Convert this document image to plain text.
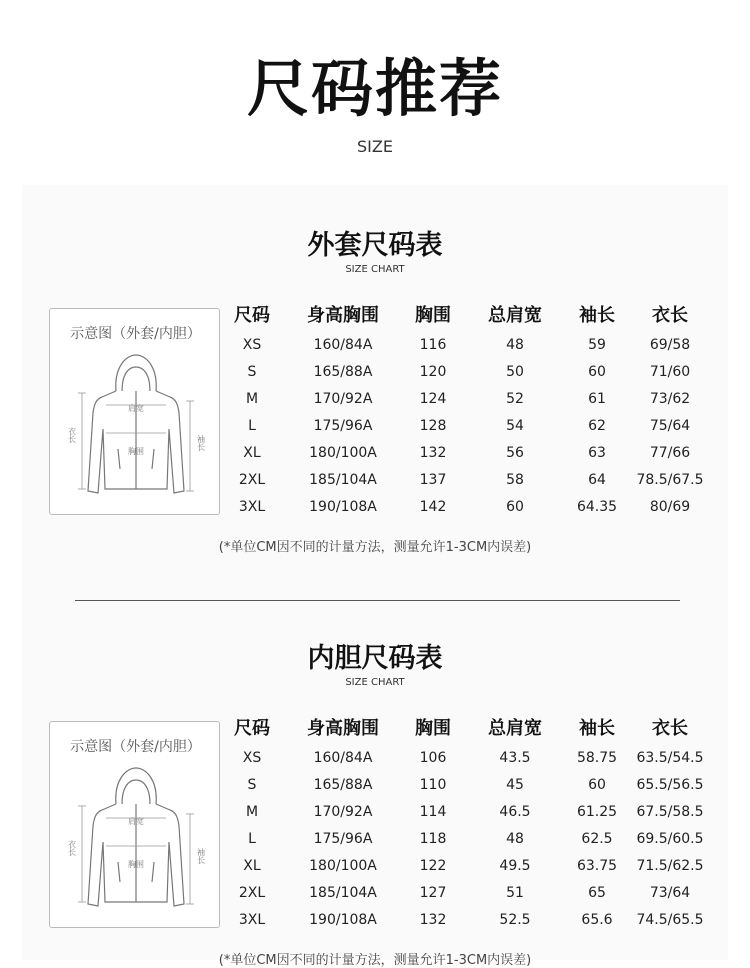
尺码推荐
SIZE
外套尺码表
SIZE CHART
示意图（外套/内胆）
肩宽
胸围
衣长	袖长
尺码 身高胸围 胸围 总肩宽 袖长 衣长
XS	160/84A	116	48	59	69/58
S	165/88A	120	50	60	71/60
M	170/92A	124	52	61	73/62
L	175/96A	128	54	62	75/64
XL	180/100A	132	56	63	77/66
2XL	185/104A	137	58	64 78.5/67.5
3XL	190/108A	142	60	64.35 80/69
(*单位CM因不同的计量方法，测量允许1-3CM内误差)
内胆尺码表
SIZE CHART
示意图（外套/内胆）
肩宽
胸围
衣长	袖长
尺码 身高胸围 胸围 总肩宽 袖长 衣长
XS	160/84A	106	43.5	58.75 63.5/54.5
S	165/88A	110	45	60 65.5/56.5
M	170/92A	114	46.5	61.25 67.5/58.5
L	175/96A	118	48	62.5 69.5/60.5
XL	180/100A	122	49.5	63.75 71.5/62.5
2XL	185/104A	127	51	65	73/64
3XL	190/108A	132	52.5	65.6 74.5/65.5
(*单位CM因不同的计量方法，测量允许1-3CM内误差)
